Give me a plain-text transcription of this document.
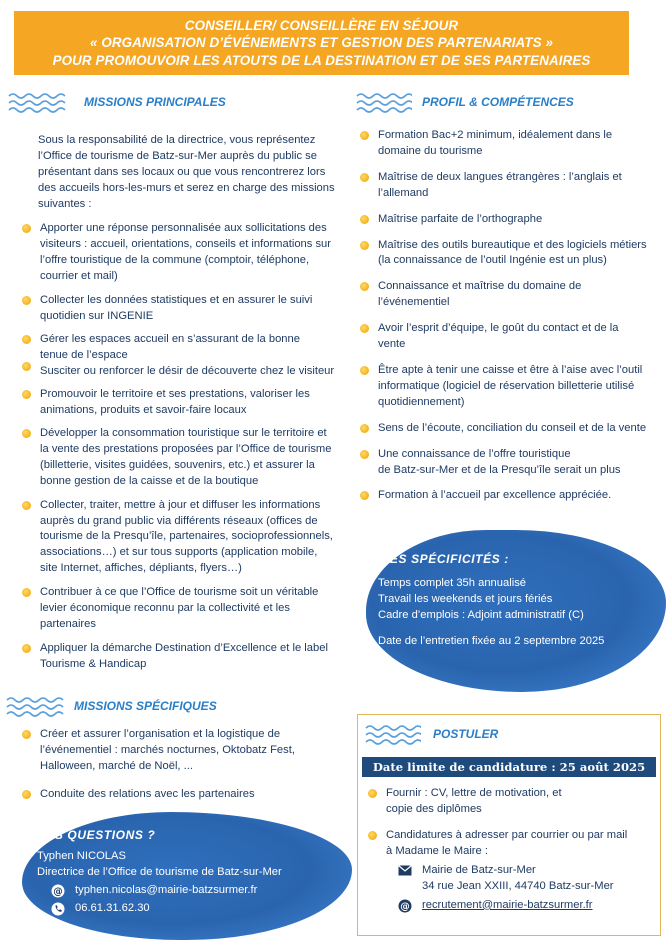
CONSEILLER/ CONSEILLÈRE EN SÉJOUR
« ORGANISATION D’ÉVÉNEMENTS ET GESTION DES PARTENARIATS »
POUR PROMOUVOIR LES ATOUTS DE LA DESTINATION ET DE SES PARTENAIRES
MISSIONS PRINCIPALES
Sous la responsabilité de la directrice, vous représentez
l’Office de tourisme de Batz-sur-Mer auprès du public se
présentant dans ses locaux ou que vous rencontrerez lors
des accueils hors-les-murs et serez en charge des missions
suivantes :
Apporter une réponse personnalisée aux sollicitations des
visiteurs : accueil, orientations, conseils et informations sur
l’offre touristique de la commune (comptoir, téléphone,
courrier et mail)
Collecter les données statistiques et en assurer le suivi
quotidien sur INGENIE
Gérer les espaces accueil en s’assurant de la bonne
tenue de l’espace
Susciter ou renforcer le désir de découverte chez le visiteur
Promouvoir le territoire et ses prestations, valoriser les
animations, produits et savoir-faire locaux
Développer la consommation touristique sur le territoire et
la vente des prestations proposées par l’Office de tourisme
(billetterie, visites guidées, souvenirs, etc.) et assurer la
bonne gestion de la caisse et de la boutique
Collecter, traiter, mettre à jour et diffuser les informations
auprès du grand public via différents réseaux (offices de
tourisme de la Presqu’île, partenaires, socioprofessionnels,
associations…) et sur tous supports (application mobile,
site Internet, affiches, dépliants, flyers…)
Contribuer à ce que l’Office de tourisme soit un véritable
levier économique reconnu par la collectivité et les
partenaires
Appliquer la démarche Destination d’Excellence et le label
Tourisme & Handicap
MISSIONS SPÉCIFIQUES
Créer et assurer l’organisation et la logistique de
l’événementiel : marchés nocturnes, Oktobatz Fest,
Halloween, marché de Noël, ...
Conduite des relations avec les partenaires
DES QUESTIONS ?
Typhen NICOLAS
Directrice de l’Office de tourisme de Batz-sur-Mer
@ typhen.nicolas@mairie-batzsurmer.fr
06.61.31.62.30
PROFIL & COMPÉTENCES
Formation Bac+2 minimum, idéalement dans le
domaine du tourisme
Maîtrise de deux langues étrangères : l’anglais et
l’allemand
Maîtrise parfaite de l’orthographe
Maîtrise des outils bureautique et des logiciels métiers
(la connaissance de l’outil Ingénie est un plus)
Connaissance et maîtrise du domaine de
l’événementiel
Avoir l’esprit d’équipe, le goût du contact et de la
vente
Être apte à tenir une caisse et être à l’aise avec l’outil
informatique (logiciel de réservation billetterie utilisé
quotidiennement)
Sens de l’écoute, conciliation du conseil et de la vente
Une connaissance de l’offre touristique
de Batz-sur-Mer et de la Presqu’île serait un plus
Formation à l’accueil par excellence appréciée.
LES SPÉCIFICITÉS :
Temps complet 35h annualisé
Travail les weekends et jours fériés
Cadre d’emplois : Adjoint administratif (C)
Date de l’entretien fixée au 2 septembre 2025
POSTULER
Date limite de candidature : 25 août 2025
Fournir : CV, lettre de motivation, et
copie des diplômes
Candidatures à adresser par courrier ou par mail
à Madame le Maire :
Mairie de Batz-sur-Mer
34 rue Jean XXIII, 44740 Batz-sur-Mer
@ recrutement@mairie-batzsurmer.fr
